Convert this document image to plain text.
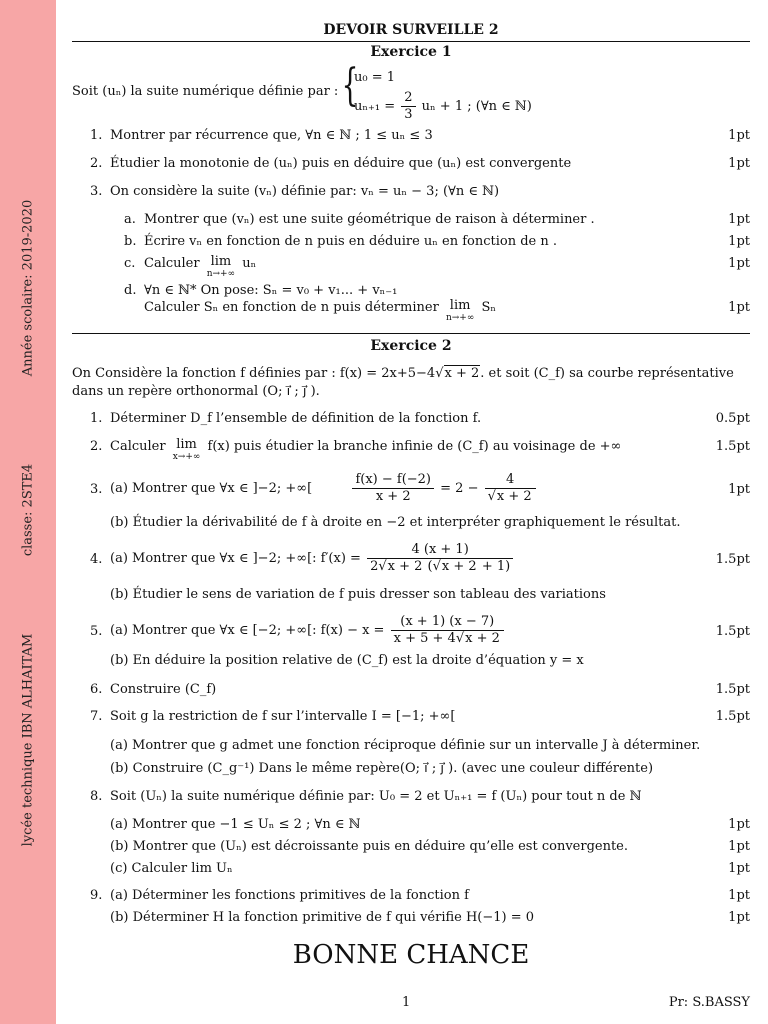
Année scolaire: 2019-2020
classe: 2STE4
lycée technique IBN ALHAITAM
DEVOIR SURVEILLE 2
Exercice 1
Soit (uₙ) la suite numérique définie par : {
u₀ = 1
$u_{n+1} = \frac{2}{3}$ uₙ + 1 ; (∀n ∈ ℕ)
1. Montrer par récurrence que, ∀n ∈ ℕ ; 1 ≤ uₙ ≤ 3	1pt
2. Étudier la monotonie de (uₙ) puis en déduire que (uₙ) est convergente	1pt
3. On considère la suite (vₙ) définie par: vₙ = uₙ − 3; (∀n ∈ ℕ)
a. Montrer que (vₙ) est une suite géométrique de raison à déterminer .	1pt
b. Écrire vₙ en fonction de n puis en déduire uₙ en fonction de n .	1pt
c. Calculer lim
n→+∞
uₙ	1pt
d. ∀n ∈ ℕ* On pose: Sₙ = v₀ + v₁... + vₙ₋₁
Calculer Sₙ en fonction de n puis déterminer lim
n→+∞
Sₙ	1pt
Exercice 2
On Considère la fonction f définies par : f(x) = 2x+5−4√x + 2. et soit (C_f) sa courbe représentative
dans un repère orthonormal (O; i⃗ ; j⃗ ).
1. Déterminer D_f l’ensemble de définition de la fonction f.	0.5pt
2. Calculer lim
x→+∞
f(x) puis étudier la branche infinie de (C_f) au voisinage de +∞	1.5pt
3. (a) Montrer que ∀x ∈ ]−2; +∞[	$\frac{f(x) - f(-2)}{x + 2} = 2 - \frac{4}{√x + 2}$	1pt
(b) Étudier la dérivabilité de f à droite en −2 et interpréter graphiquement le résultat.
4. (a) Montrer que ∀x ∈ ]−2; +∞[: $f'(x) = \frac{4 (x + 1)}{2√x + 2 (√x + 2 + 1)}$	1.5pt
(b) Étudier le sens de variation de f puis dresser son tableau des variations
5. (a) Montrer que ∀x ∈ [−2; +∞[: $f(x) - x = \frac{(x + 1) (x - 7)}{x + 5 + 4√x + 2}$	1.5pt
(b) En déduire la position relative de (C_f) est la droite d’équation y = x
6. Construire (C_f)	1.5pt
7. Soit g la restriction de f sur l’intervalle I = [−1; +∞[	1.5pt
(a) Montrer que g admet une fonction réciproque définie sur un intervalle J à déterminer.
(b) Construire (C_g⁻¹) Dans le même repère(O; i⃗ ; j⃗ ). (avec une couleur différente)
8. Soit (Uₙ) la suite numérique définie par: U₀ = 2 et Uₙ₊₁ = f (Uₙ) pour tout n de ℕ
(a) Montrer que −1 ≤ Uₙ ≤ 2 ; ∀n ∈ ℕ	1pt
(b) Montrer que (Uₙ) est décroissante puis en déduire qu’elle est convergente.	1pt
(c) Calculer lim Uₙ	1pt
9. (a) Déterminer les fonctions primitives de la fonction f	1pt
(b) Déterminer H la fonction primitive de f qui vérifie H(−1) = 0	1pt
BONNE CHANCE
1	Pr: S.BASSY
